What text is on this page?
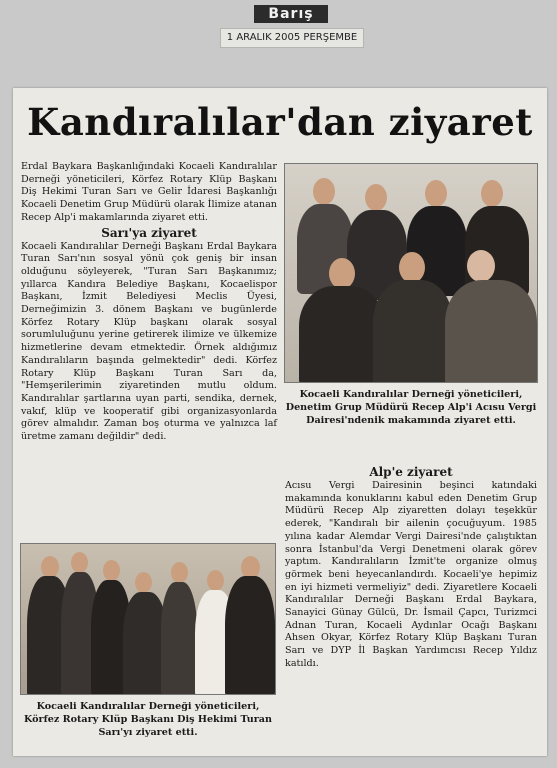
Barış
1 ARALIK 2005 PERŞEMBE
Kandıralılar'dan ziyaret

Erdal Baykara Başkanlığındaki Kocaeli Kandıralılar Derneği yöneticileri, Körfez Rotary Klüp Başkanı Diş Hekimi Turan Sarı ve Gelir İdaresi Başkanlığı Kocaeli Denetim Grup Müdürü olarak İlimize atanan Recep Alp'i makamlarında ziyaret etti.

Sarı'ya ziyaret

Kocaeli Kandıralılar Derneği Başkanı Erdal Baykara Turan Sarı'nın sosyal yönü çok geniş bir insan olduğunu söyleyerek, "Turan Sarı Başkanımız; yıllarca Kandıra Belediye Başkanı, Kocaelispor Başkanı, İzmit Belediyesi Meclis Üyesi, Derneğimizin 3. dönem Başkanı ve bugünlerde Körfez Rotary Klüp başkanı olarak sosyal sorumluluğunu yerine getirerek ilimize ve ülkemize hizmetlerine devam etmektedir. Örnek aldığımız Kandıralıların başında gelmektedir" dedi. Körfez Rotary Klüp Başkanı Turan Sarı da, "Hemşerilerimin ziyaretinden mutlu oldum. Kandıralılar şartlarına uyan parti, sendika, dernek, vakıf, klüp ve kooperatif gibi organizasyonlarda görev almalıdır. Zaman boş oturma ve yalnızca laf üretme zamanı değildir" dedi.

Kocaeli Kandıralılar Derneği yöneticileri, Denetim Grup Müdürü Recep Alp'i Acısu Vergi Dairesi'ndenik makamında ziyaret etti.
Kocaeli Kandıralılar Derneği yöneticileri, Körfez Rotary Klüp Başkanı Diş Hekimi Turan Sarı'yı ziyaret etti.
Alp'e ziyaret

Acısu Vergi Dairesinin beşinci katındaki makamında konuklarını kabul eden Denetim Grup Müdürü Recep Alp ziyaretten dolayı teşekkür ederek, "Kandıralı bir ailenin çocuğuyum. 1985 yılına kadar Alemdar Vergi Dairesi'nde çalıştıktan sonra İstanbul'da Vergi Denetmeni olarak görev yaptım. Kandıralıların İzmit'te organize olmuş görmek beni heyecanlandırdı. Kocaeli'ye hepimiz en iyi hizmeti vermeliyiz" dedi. Ziyaretlere Kocaeli Kandıralılar Derneği Başkanı Erdal Baykara, Sanayici Günay Gülcü, Dr. İsmail Çapcı, Turizmci Adnan Turan, Kocaeli Aydınlar Ocağı Başkanı Ahsen Okyar, Körfez Rotary Klüp Başkanı Turan Sarı ve DYP İl Başkan Yardımcısı Recep Yıldız katıldı.
